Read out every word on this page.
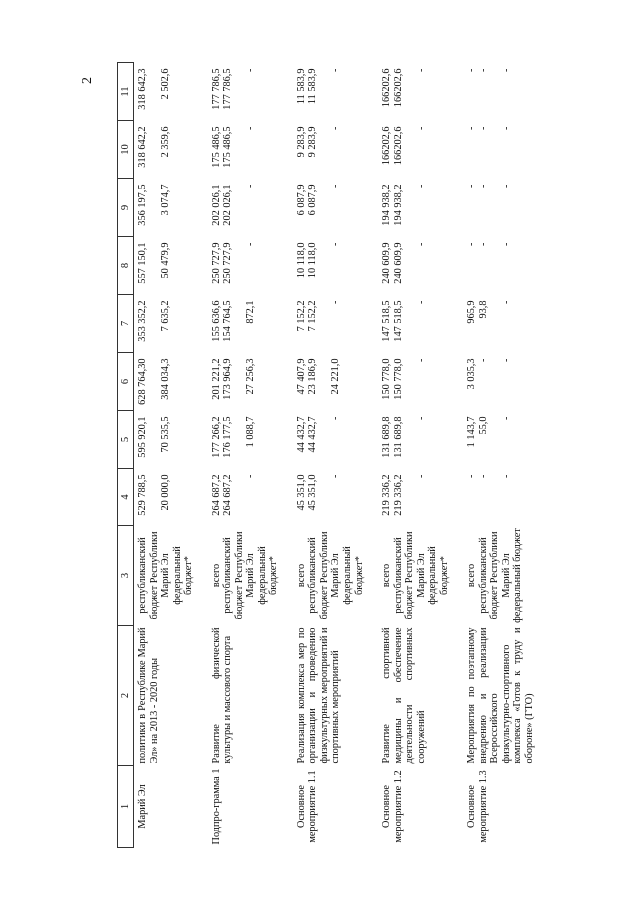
2
1	2	3	4	5	6	7	8	9	10	11
Марий Эл	политики в Республике Марий Эл» на 2013 - 2020 годы	республиканский бюджет Республики Марий Эл федеральный бюджет*	529 788,5 20 000,0	595 920,1 70 535,5	628 764,30 384 034,3	353 352,2 7 635,2	557 150,1 50 479,9	356 197,5 3 074,7	318 642,2 2 359,6	318 642,3 2 502,6

Подпро-грамма 1	Развитие физической культуры и массового спорта	всего республиканский бюджет Республики Марий Эл федеральный бюджет*	264 687,2 264 687,2 -	177 266,2 176 177,5 1 088,7	201 221,2 173 964,9 27 256,3	155 636,6 154 764,5 872,1	250 727,9 250 727,9 -	202 026,1 202 026,1 -	175 486,5 175 486,5 -	177 786,5 177 786,5 -

Основное мероприятие 1.1	Реализация комплекса мер по организации и проведению физкультурных мероприятий и спортивных мероприятий	всего республиканский бюджет Республики Марий Эл федеральный бюджет*	45 351,0 45 351,0 -	44 432,7 44 432,7 -	47 407,9 23 186,9 24 221,0	7 152,2 7 152,2 -	10 118,0 10 118,0 -	6 087,9 6 087,9 -	9 283,9 9 283,9 -	11 583,9 11 583,9 -

Основное мероприятие 1.2	Развитие спортивной медицины и обеспечение деятельности спортивных сооружений	всего республиканский бюджет Республики Марий Эл федеральный бюджет*	219 336,2 219 336,2 -	131 689,8 131 689,8 -	150 778,0 150 778,0 -	147 518,5 147 518,5 -	240 609,9 240 609,9 -	194 938,2 194 938,2 -	166202,6 166202,6 -	166202,6 166202,6 -

Основное мероприятие 1.3	Мероприятия по поэтапному внедрению и реализации Всероссийского физкультурно-спортивного комплекса «Готов к труду и обороне» (ГТО)	всего республиканский бюджет Республики Марий Эл федеральный бюджет	- - -	1 143,7 55,0 -	3 035,3 - -	965,9 93,8 -	- - -	- - -	- - -	- - -
